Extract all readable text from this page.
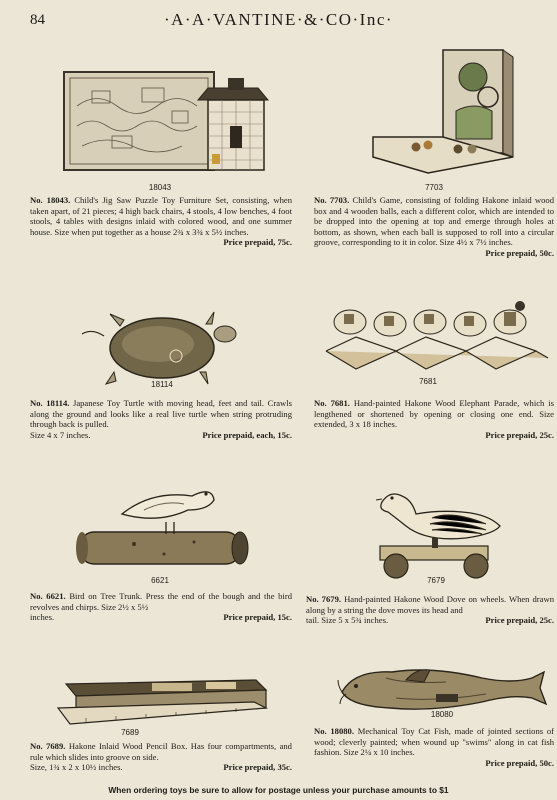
84	·A·A·VANTINE·&·CO·Inc·
18043
No. 18043. Child's Jig Saw Puzzle Toy Furniture Set, consisting, when taken apart, of 21 pieces; 4 high back chairs, 4 stools, 4 low benches, 4 foot stools, 4 tables with designs inlaid with colored wood, and one summer house. Size when put together as a house 2¾ x 3¾ x 5½ inches.
Price prepaid, 75c.
7703
No. 7703. Child's Game, consisting of folding Hakone inlaid wood box and 4 wooden balls, each a different color, which are intended to be dropped into the opening at top and emerge through holes at bottom, as shown, when each ball is supposed to roll into a circular groove, corresponding to it in color. Size 4½ x 7½ inches.
Price prepaid, 50c.
18114
No. 18114. Japanese Toy Turtle with moving head, feet and tail. Crawls along the ground and looks like a real live turtle when string protruding through back is pulled.
Size 4 x 7 inches.	Price prepaid, each, 15c.
7681
No. 7681. Hand-painted Hakone Wood Elephant Parade, which is lengthened or shortened by opening or closing one end. Size extended, 3 x 18 inches.
Price prepaid, 25c.
6621
No. 6621. Bird on Tree Trunk. Press the end of the bough and the bird revolves and chirps. Size 2½ x 5½
inches.	Price prepaid, 15c.
7679
No. 7679. Hand-painted Hakone Wood Dove on wheels. When drawn along by a string the dove moves its head and
tail. Size 5 x 5¾ inches.	Price prepaid, 25c.
7689
No. 7689. Hakone Inlaid Wood Pencil Box. Has four compartments, and rule which slides into groove on side.
Size, 1¾ x 2 x 10½ inches.	Price prepaid, 35c.
18080
No. 18080. Mechanical Toy Cat Fish, made of jointed sections of wood; cleverly painted; when wound up "swims" along in cat fish fashion. Size 2¼ x 10 inches.
Price prepaid, 50c.
When ordering toys be sure to allow for postage unless your purchase amounts to $1
